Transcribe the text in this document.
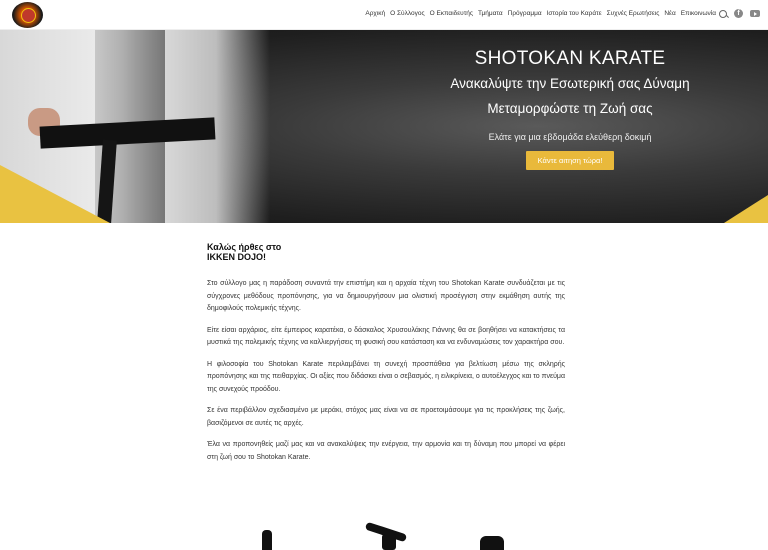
Αρχική Ο Σύλλογος Ο Εκπαιδευτής Τμήματα Πρόγραμμα Ιστορία του Καράτε Συχνές Ερωτήσεις Νέα Επικοινωνία	f
SHOTOKAN KARATE
Ανακαλύψτε την Εσωτερική σας Δύναμη
Μεταμορφώστε τη Ζωή σας
Ελάτε για μια εβδομάδα ελεύθερη δοκιμή
Κάντε αιτηση τώρα!
Καλώς ήρθες στο
IKKEN DOJO!

Στο σύλλογο μας η παράδοση συναντά την επιστήμη και η αρχαία τέχνη του Shotokan Karate συνδυάζεται με τις σύγχρονες μεθόδους προπόνησης, για να δημιουργήσουν μια ολιστική προσέγγιση στην εκμάθηση αυτής της δημοφιλούς πολεμικής τέχνης.

Είτε είσαι αρχάριος, είτε έμπειρος καρατέκα, ο δάσκαλος Χρυσουλάκης Γιάννης θα σε βοηθήσει να κατακτήσεις τα μυστικά της πολεμικής τέχνης να καλλιεργήσεις τη φυσική σου κατάσταση και να ενδυναμώσεις τον χαρακτήρα σου.

Η φιλοσοφία του Shotokan Karate περιλαμβάνει τη συνεχή προσπάθεια για βελτίωση μέσω της σκληρής προπόνησης και της πειθαρχίας. Οι αξίες που διδάσκει είναι ο σεβασμός, η ειλικρίνεια, ο αυτοέλεγχος και το πνεύμα της συνεχούς προόδου.

Σε ένα περιβάλλον σχεδιασμένο με μεράκι, στόχος μας είναι να σε προετοιμάσουμε για τις προκλήσεις της ζωής, βασιζόμενοι σε αυτές τις αρχές.

Έλα να προπονηθείς μαζί μας και να ανακαλύψεις την ενέργεια, την αρμονία και τη δύναμη που μπορεί να φέρει στη ζωή σου το Shotokan Karate.
